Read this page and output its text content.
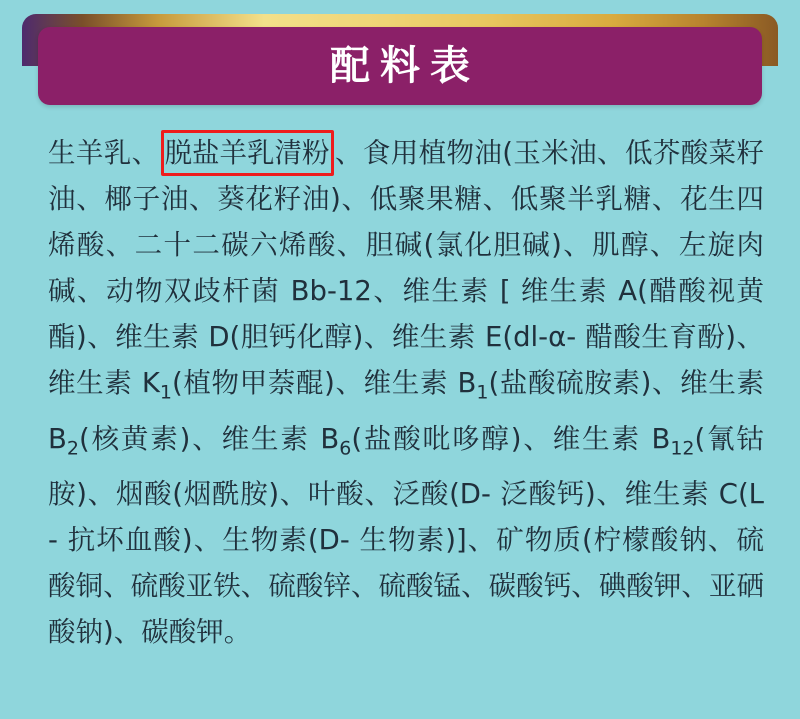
配料表
生羊乳、 脱盐羊乳清粉 、食用植物油(玉米油、低芥酸菜籽油、椰子油、葵花籽油)、低聚果糖、低聚半乳糖、花生四烯酸、二十二碳六烯酸、胆碱(氯化胆碱)、肌醇、左旋肉碱、动物双歧杆菌 Bb-12、维生素 [ 维生素 A(醋酸视黄酯)、维生素 D(胆钙化醇)、维生素 E(dl-α- 醋酸生育酚)、维生素 $K_1$(植物甲萘醌)、维生素 $B_1$(盐酸硫胺素)、维生素 $B_2$(核黄素)、维生素 $B_6$(盐酸吡哆醇)、维生素 $B_{12}$(氰钴胺)、烟酸(烟酰胺)、叶酸、泛酸(D- 泛酸钙)、维生素 C(L - 抗坏血酸)、生物素(D- 生物素)]、矿物质(柠檬酸钠、硫酸铜、硫酸亚铁、硫酸锌、硫酸锰、碳酸钙、碘酸钾、亚硒酸钠)、碳酸钾。
